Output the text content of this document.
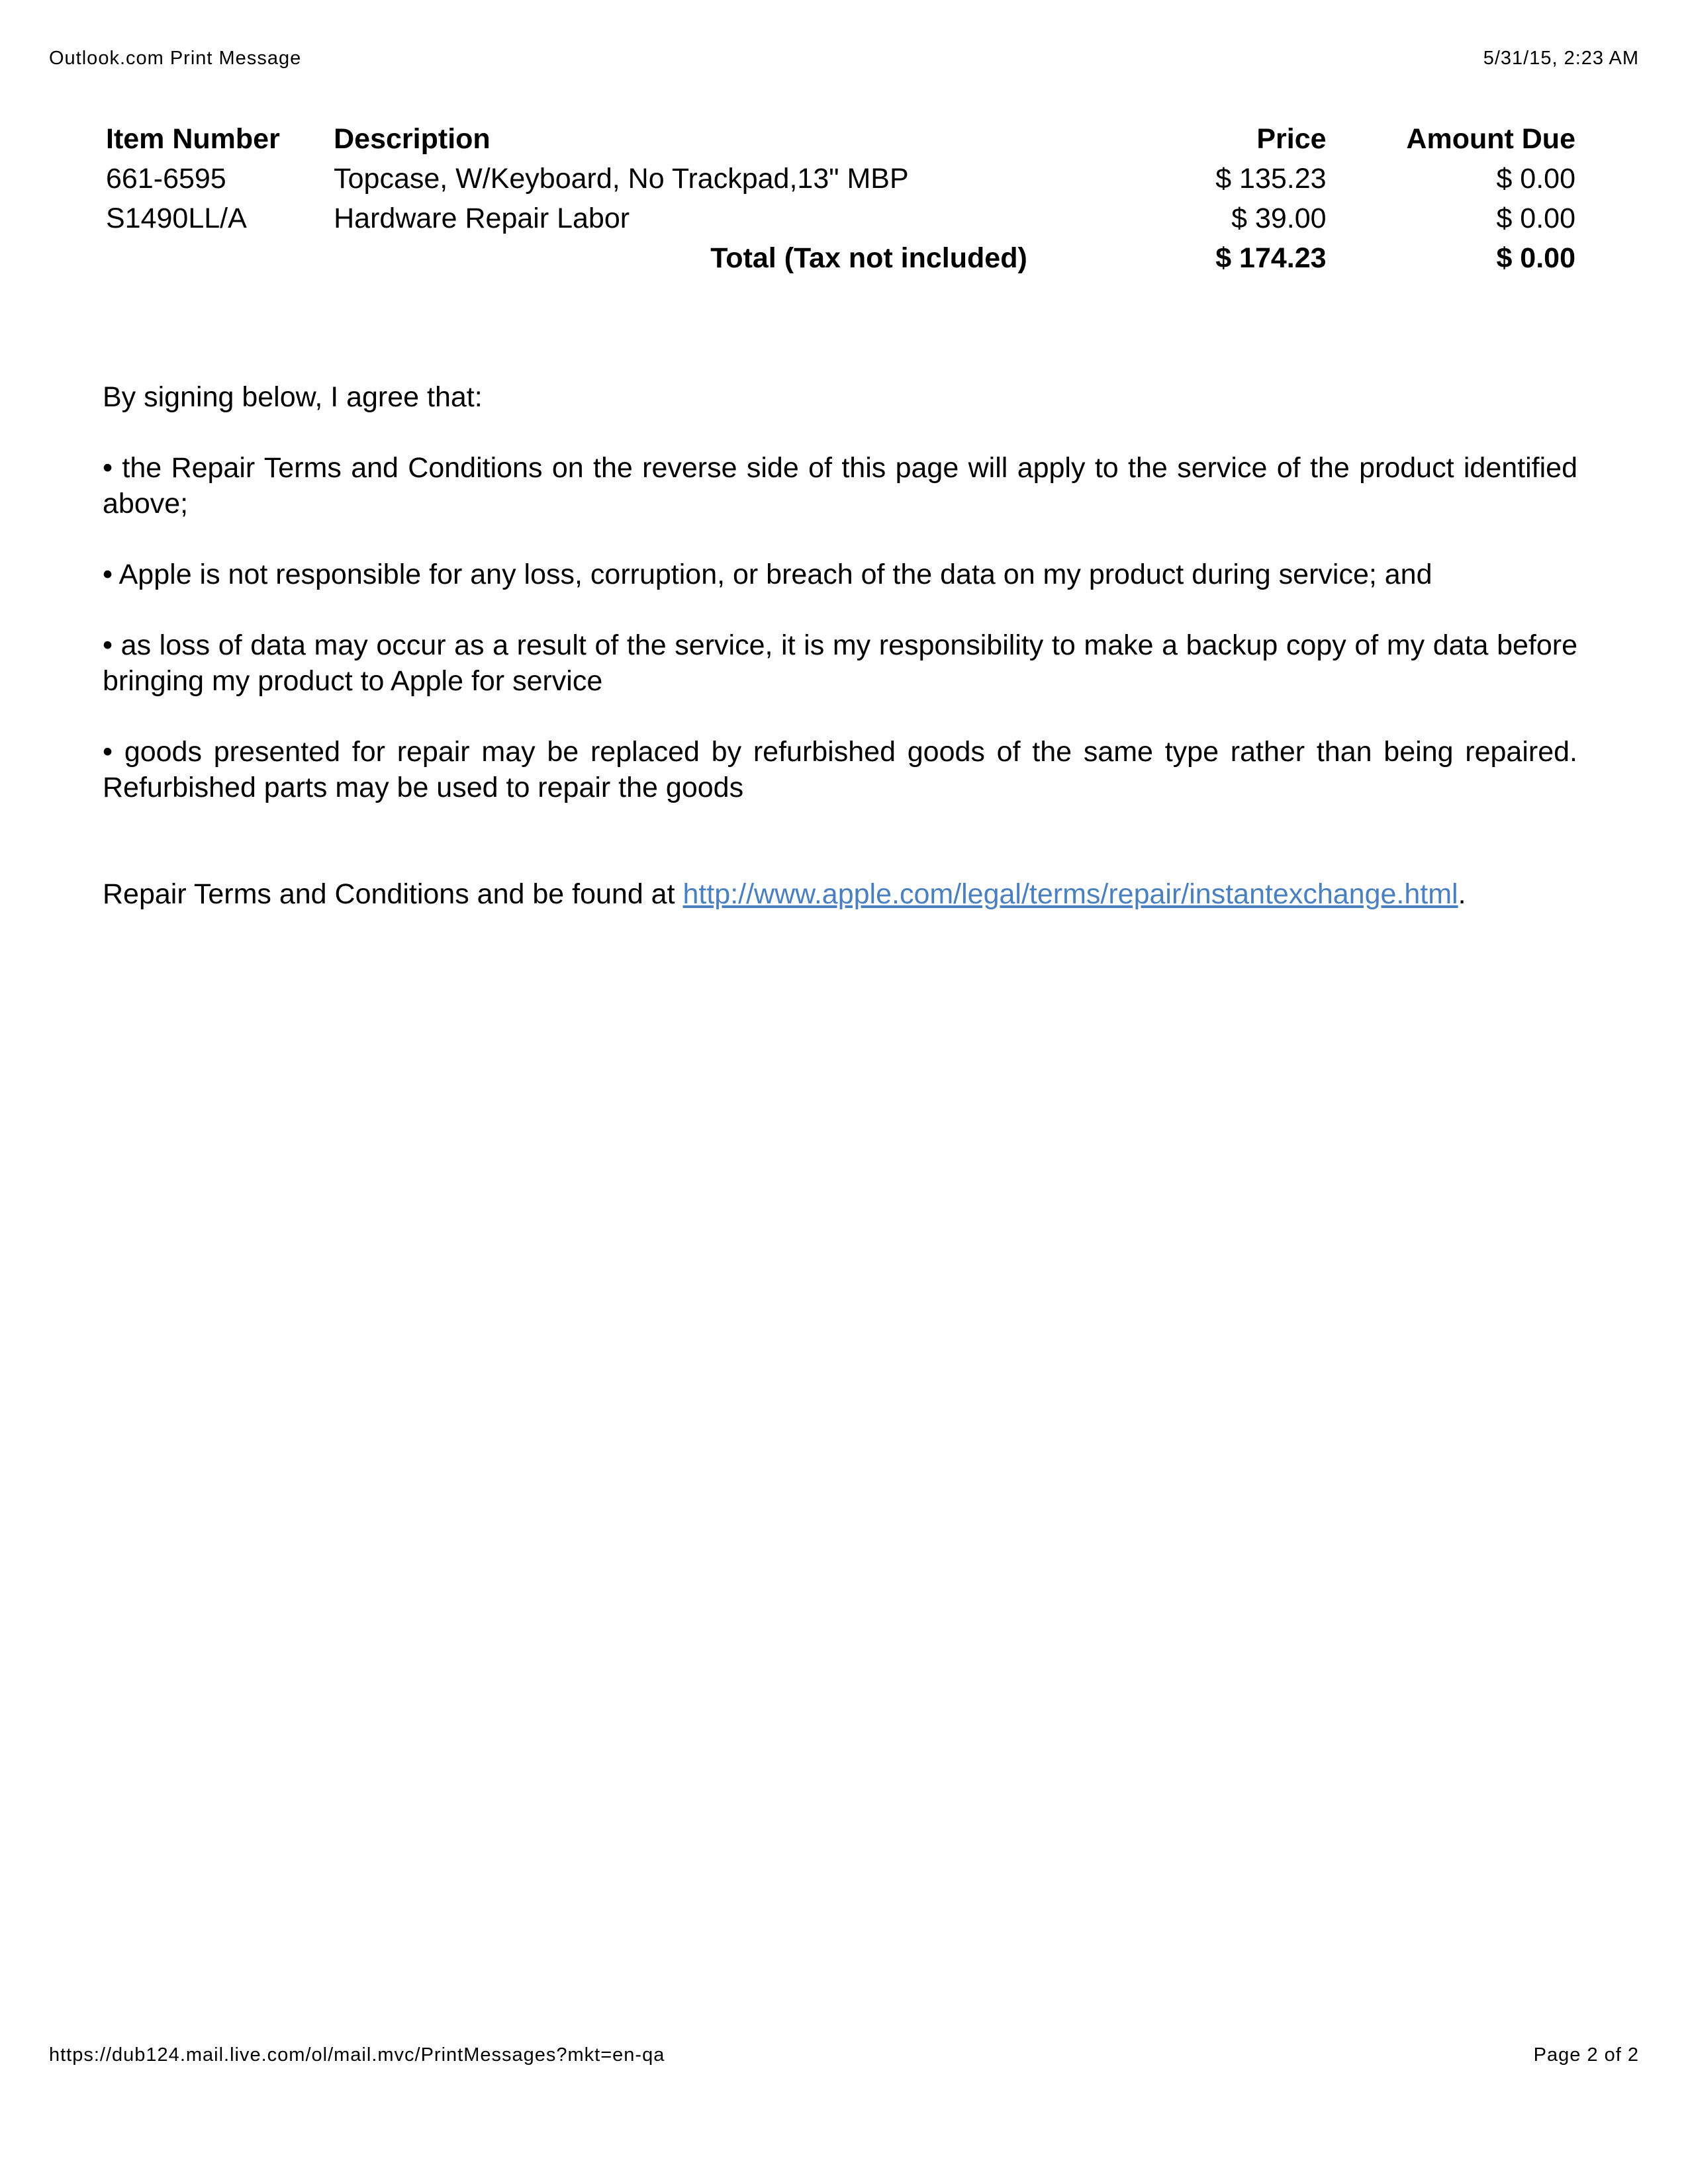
Outlook.com Print Message	5/31/15, 2:23 AM
Item Number	Description	Price	Amount Due
661-6595	Topcase, W/Keyboard, No Trackpad,13" MBP	$ 135.23	$ 0.00
S1490LL/A	Hardware Repair Labor	$ 39.00	$ 0.00
Total (Tax not included)		$ 174.23	$ 0.00

By signing below, I agree that:

• the Repair Terms and Conditions on the reverse side of this page will apply to the service of the product identified above;

• Apple is not responsible for any loss, corruption, or breach of the data on my product during service; and

• as loss of data may occur as a result of the service, it is my responsibility to make a backup copy of my data before bringing my product to Apple for service

• goods presented for repair may be replaced by refurbished goods of the same type rather than being repaired. Refurbished parts may be used to repair the goods

Repair Terms and Conditions and be found at http://www.apple.com/legal/terms/repair/instantexchange.html.

https://dub124.mail.live.com/ol/mail.mvc/PrintMessages?mkt=en-qa	Page 2 of 2
